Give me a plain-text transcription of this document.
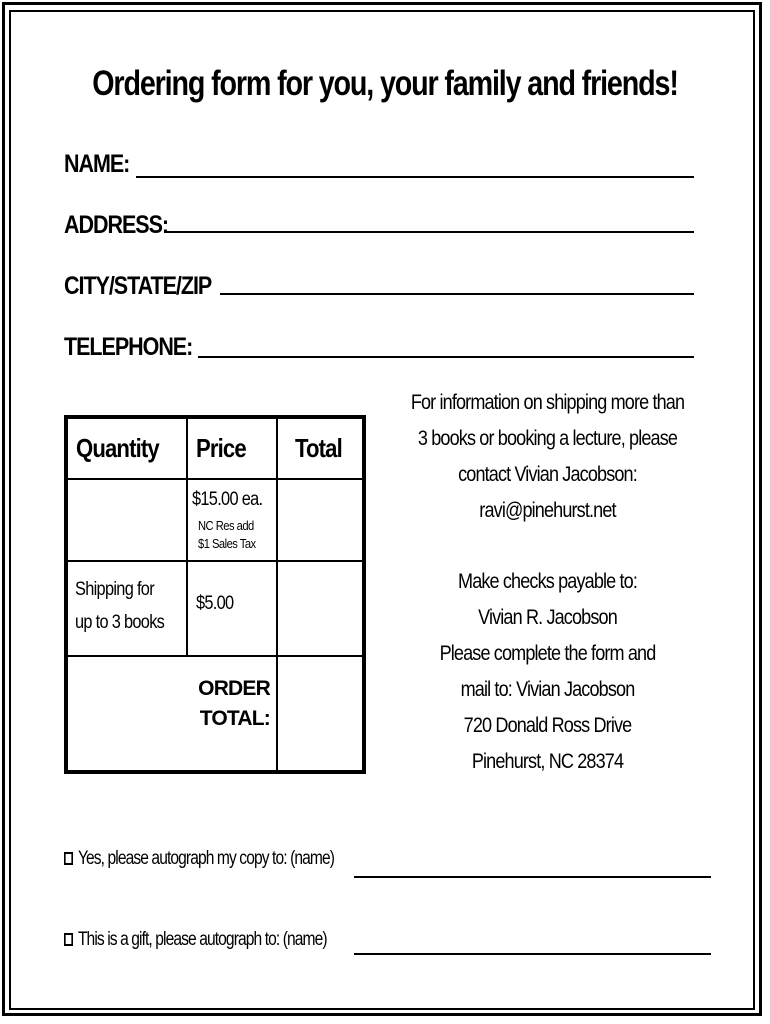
Ordering form for you, your family and friends!
NAME:
ADDRESS:
CITY/STATE/ZIP
TELEPHONE:
Quantity Price Total
$15.00 ea.
NC Res add
$1 Sales Tax
Shipping for
up to 3 books
$5.00
ORDER
TOTAL:
For information on shipping more than
3 books or booking a lecture, please
contact Vivian Jacobson:
ravi@pinehurst.net
Make checks payable to:
Vivian R. Jacobson
Please complete the form and
mail to: Vivian Jacobson
720 Donald Ross Drive
Pinehurst, NC 28374
Yes, please autograph my copy to: (name)
This is a gift, please autograph to: (name)
